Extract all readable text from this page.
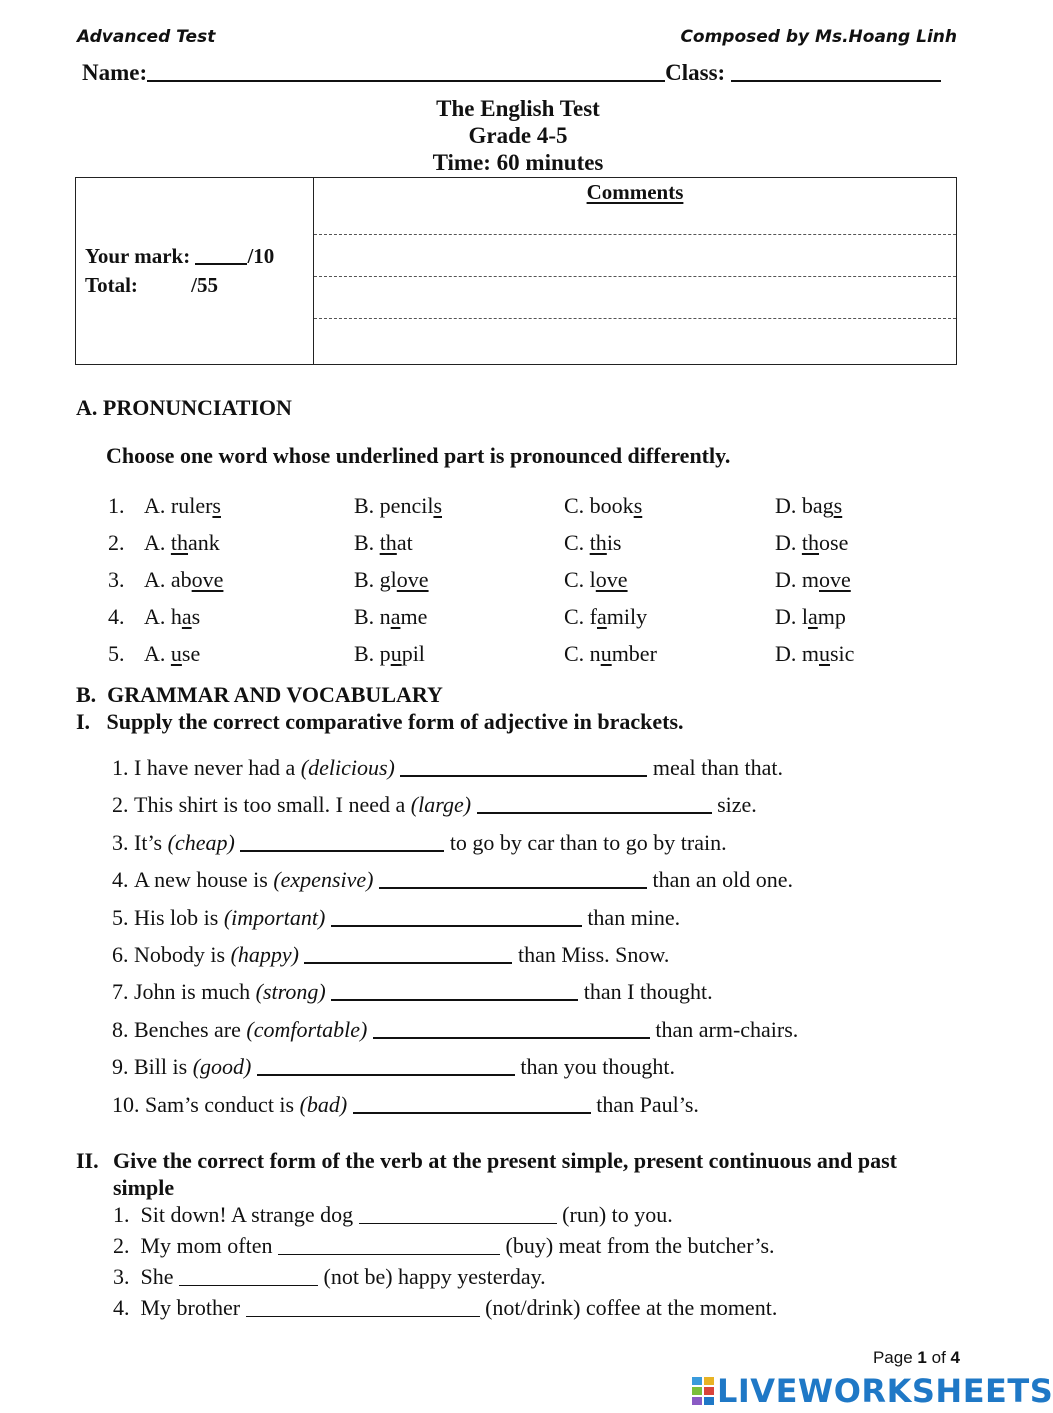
Advanced Test	Composed by Ms.Hoang Linh
Name:	Class:
The English Test
Grade 4-5
Time: 60 minutes
Your mark:	/10
Total:	/55

Comments
A. PRONUNCIATION
Choose one word whose underlined part is pronounced differently.
1. A. rulers	B. pencils	C. books	D. bags
2. A. thank	B. that	C. this	D. those
3. A. above	B. glove	C. love	D. move
4. A. has	B. name	C. family	D. lamp
5. A. use	B. pupil	C. number	D. music
B.  GRAMMAR AND VOCABULARY
I.   Supply the correct comparative form of adjective in brackets.
1. I have never had a (delicious)	meal than that.
2. This shirt is too small. I need a (large)	size.
3. It’s (cheap)	to go by car than to go by train.
4. A new house is (expensive)	than an old one.
5. His lob is (important)	than mine.
6. Nobody is (happy)	than Miss. Snow.
7. John is much (strong)	than I thought.
8. Benches are (comfortable)	than arm-chairs.
9. Bill is (good)	than you thought.
10. Sam’s conduct is (bad)	than Paul’s.
II. Give the correct form of the verb at the present simple, present continuous and past
simple
1. Sit down! A strange dog	(run) to you.
2. My mom often	(buy) meat from the butcher’s.
3. She	(not be) happy yesterday.
4. My brother	(not/drink) coffee at the moment.
Page 1 of 4
LIVEWORKSHEETS
